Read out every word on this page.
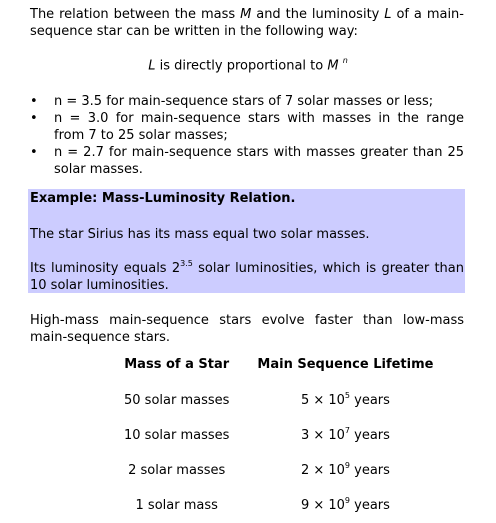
The relation between the mass M and the luminosity L of a main-sequence star can be written in the following way:

L is directly proportional to M $^n$

• n = 3.5 for main-sequence stars of 7 solar masses or less;
• n = 3.0 for main-sequence stars with masses in the range from 7 to 25 solar masses;
• n = 2.7 for main-sequence stars with masses greater than 25 solar masses.

Example: Mass-Luminosity Relation.

The star Sirius has its mass equal two solar masses.

Its luminosity equals $2^{3.5}$ solar luminosities, which is greater than 10 solar luminosities.

High-mass main-sequence stars evolve faster than low-mass main-sequence stars.

Mass of a Star	Main Sequence Lifetime
50 solar masses	$5 \times 10^5$ years
10 solar masses	$3 \times 10^7$ years
2 solar masses	$2 \times 10^9$ years
1 solar mass	$9 \times 10^9$ years
